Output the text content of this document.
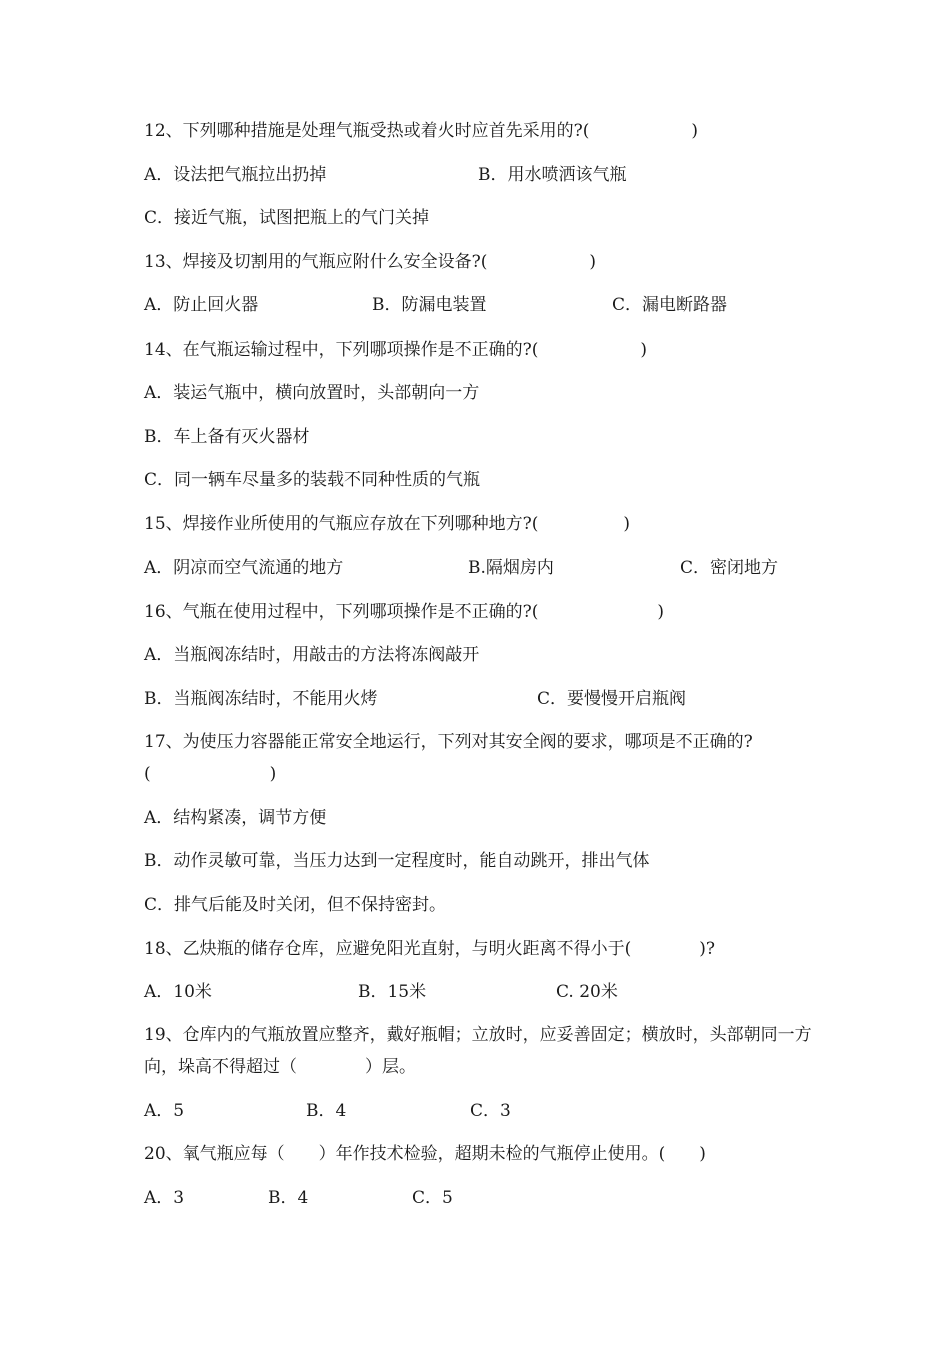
12、下列哪种措施是处理气瓶受热或着火时应首先采用的?(　　　　　　)
A．设法把气瓶拉出扔掉	B．用水喷洒该气瓶
C．接近气瓶，试图把瓶上的气门关掉
13、焊接及切割用的气瓶应附什么安全设备?(　　　　　　)
A．防止回火器	B．防漏电装置	C．漏电断路器
14、在气瓶运输过程中，下列哪项操作是不正确的?(　　　　　　)
A．装运气瓶中，横向放置时，头部朝向一方
B．车上备有灭火器材
C．同一辆车尽量多的装载不同种性质的气瓶
15、焊接作业所使用的气瓶应存放在下列哪种地方?(　　　　　)
A．阴凉而空气流通的地方	B.隔烟房内	C．密闭地方
16、气瓶在使用过程中，下列哪项操作是不正确的?(　　　　　　　)
A．当瓶阀冻结时，用敲击的方法将冻阀敲开
B．当瓶阀冻结时，不能用火烤	C．要慢慢开启瓶阀
17、为使压力容器能正常安全地运行，下列对其安全阀的要求，哪项是不正确的?(　　　　　　　)
A．结构紧凑，调节方便
B．动作灵敏可靠，当压力达到一定程度时，能自动跳开，排出气体
C．排气后能及时关闭，但不保持密封。
18、乙炔瓶的储存仓库，应避免阳光直射，与明火距离不得小于(　　　　)?
A．10米	B．15米	C. 20米
19、仓库内的气瓶放置应整齐，戴好瓶帽；立放时，应妥善固定；横放时，头部朝同一方向，垛高不得超过（　　　　）层。
A．5	B．4	C．3
20、氧气瓶应每（　　）年作技术检验，超期未检的气瓶停止使用。(　　)
A．3	B．4	C．5
